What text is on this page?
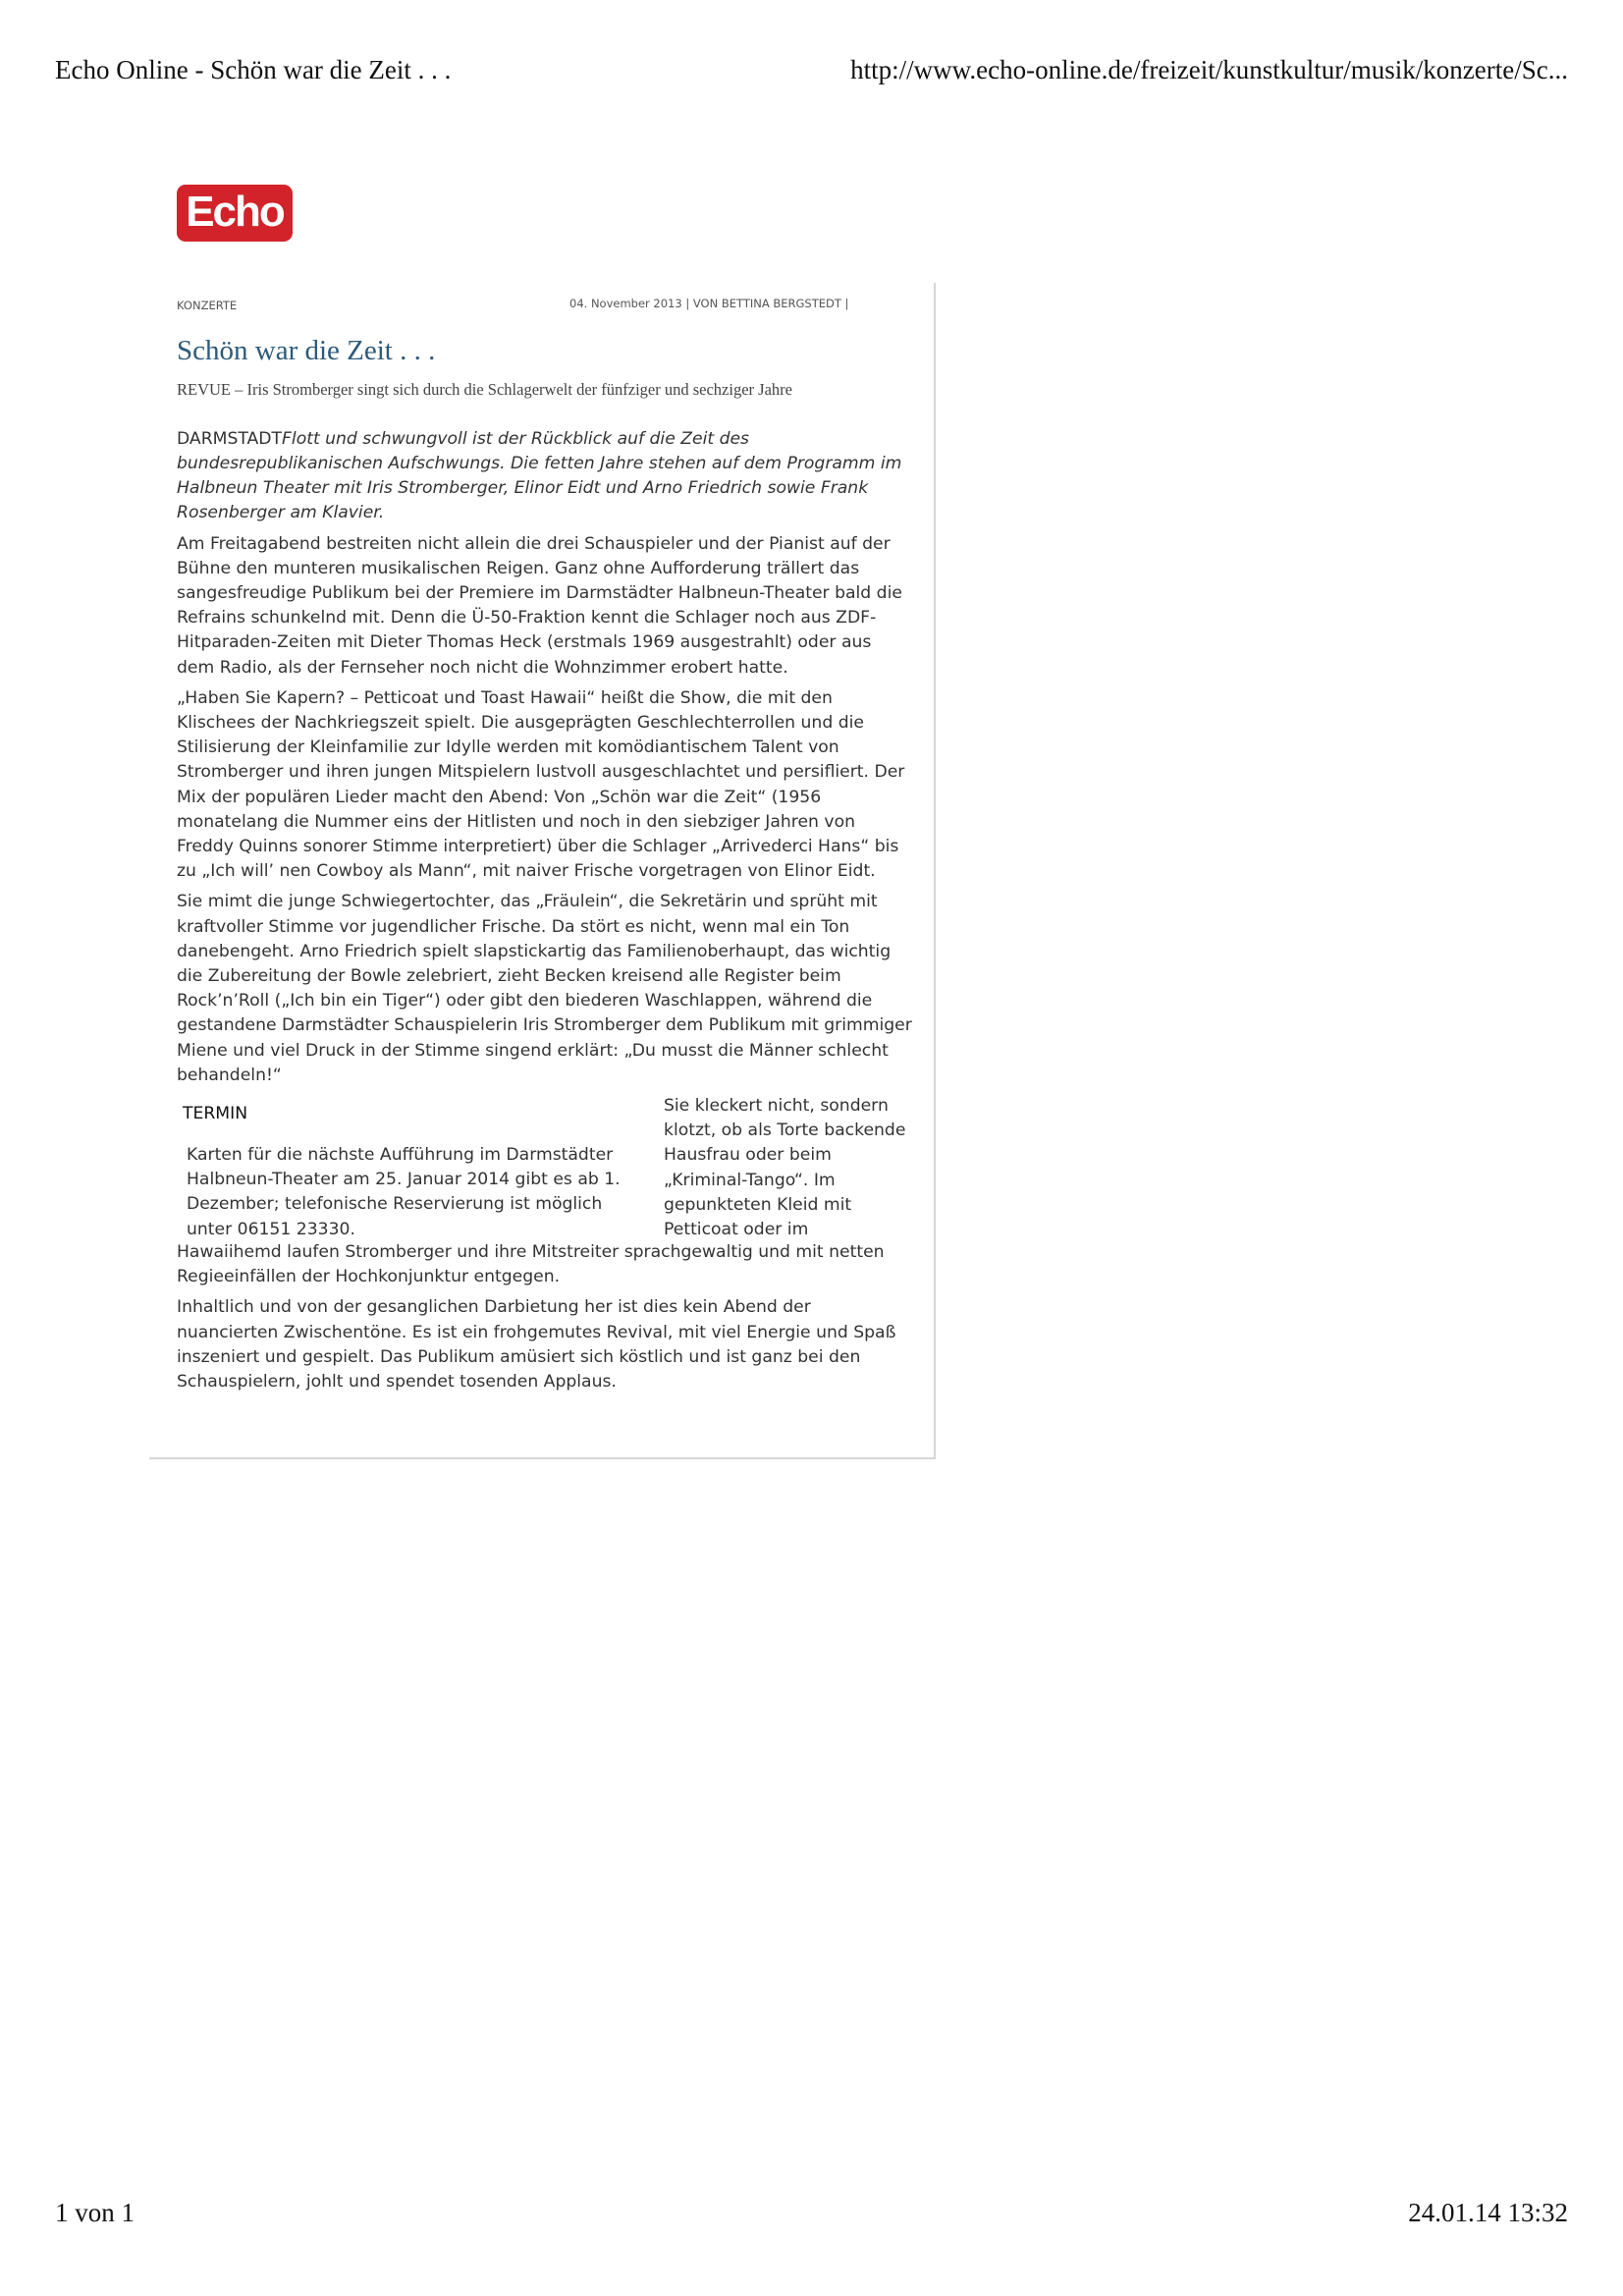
Echo Online - Schön war die Zeit . . .	http://www.echo-online.de/freizeit/kunstkultur/musik/konzerte/Sc...
Echo
KONZERTE	04. November 2013 | VON BETTINA BERGSTEDT |
Schön war die Zeit . . .

REVUE – Iris Stromberger singt sich durch die Schlagerwelt der fünfziger und sechziger Jahre

DARMSTADTFlott und schwungvoll ist der Rückblick auf die Zeit des bundesrepublikanischen Aufschwungs. Die fetten Jahre stehen auf dem Programm im Halbneun Theater mit Iris Stromberger, Elinor Eidt und Arno Friedrich sowie Frank Rosenberger am Klavier.

Am Freitagabend bestreiten nicht allein die drei Schauspieler und der Pianist auf der Bühne den munteren musikalischen Reigen. Ganz ohne Aufforderung trällert das sangesfreudige Publikum bei der Premiere im Darmstädter Halbneun-Theater bald die Refrains schunkelnd mit. Denn die Ü-50-Fraktion kennt die Schlager noch aus ZDF-Hitparaden-Zeiten mit Dieter Thomas Heck (erstmals 1969 ausgestrahlt) oder aus dem Radio, als der Fernseher noch nicht die Wohnzimmer erobert hatte.

„Haben Sie Kapern? – Petticoat und Toast Hawaii“ heißt die Show, die mit den Klischees der Nachkriegszeit spielt. Die ausgeprägten Geschlechterrollen und die Stilisierung der Kleinfamilie zur Idylle werden mit komödiantischem Talent von Stromberger und ihren jungen Mitspielern lustvoll ausgeschlachtet und persifliert. Der Mix der populären Lieder macht den Abend: Von „Schön war die Zeit“ (1956 monatelang die Nummer eins der Hitlisten und noch in den siebziger Jahren von Freddy Quinns sonorer Stimme interpretiert) über die Schlager „Arrivederci Hans“ bis zu „Ich will’ nen Cowboy als Mann“, mit naiver Frische vorgetragen von Elinor Eidt.

Sie mimt die junge Schwiegertochter, das „Fräulein“, die Sekretärin und sprüht mit kraftvoller Stimme vor jugendlicher Frische. Da stört es nicht, wenn mal ein Ton danebengeht. Arno Friedrich spielt slapstickartig das Familienoberhaupt, das wichtig die Zubereitung der Bowle zelebriert, zieht Becken kreisend alle Register beim Rock’n’Roll („Ich bin ein Tiger“) oder gibt den biederen Waschlappen, während die gestandene Darmstädter Schauspielerin Iris Stromberger dem Publikum mit grimmiger Miene und viel Druck in der Stimme singend erklärt: „Du musst die Männer schlecht behandeln!“

TERMIN
Karten für die nächste Aufführung im Darmstädter Halbneun-Theater am 25. Januar 2014 gibt es ab 1. Dezember; telefonische Reservierung ist möglich unter 06151 23330.
Sie kleckert nicht, sondern klotzt, ob als Torte backende Hausfrau oder beim „Kriminal-Tango“. Im gepunkteten Kleid mit Petticoat oder im

Hawaiihemd laufen Stromberger und ihre Mitstreiter sprachgewaltig und mit netten Regieeinfällen der Hochkonjunktur entgegen.

Inhaltlich und von der gesanglichen Darbietung her ist dies kein Abend der nuancierten Zwischentöne. Es ist ein frohgemutes Revival, mit viel Energie und Spaß inszeniert und gespielt. Das Publikum amüsiert sich köstlich und ist ganz bei den Schauspielern, johlt und spendet tosenden Applaus.

1 von 1	24.01.14 13:32
